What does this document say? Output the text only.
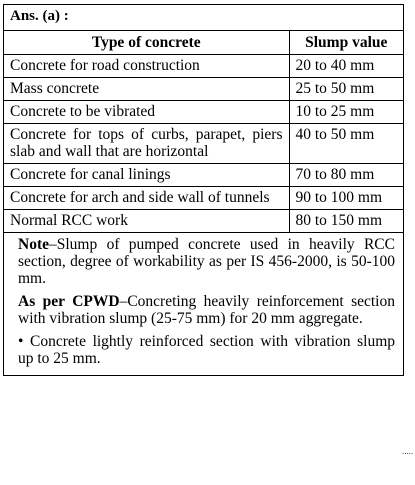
Ans. (a) :
Type of concrete	Slump value
Concrete for road construction	20 to 40 mm
Mass concrete	25 to 50 mm
Concrete to be vibrated	10 to 25 mm
Concrete for tops of curbs, parapet, piers slab and wall that are horizontal	40 to 50 mm
Concrete for canal linings	70 to 80 mm
Concrete for arch and side wall of tunnels	90 to 100 mm
Normal RCC work	80 to 150 mm

Note–Slump of pumped concrete used in heavily RCC section, degree of workability as per IS 456-2000, is 50-100 mm.

As per CPWD–Concreting heavily reinforcement section with vibration slump (25-75 mm) for 20 mm aggregate.

• Concrete lightly reinforced section with vibration slump up to 25 mm.

.....
